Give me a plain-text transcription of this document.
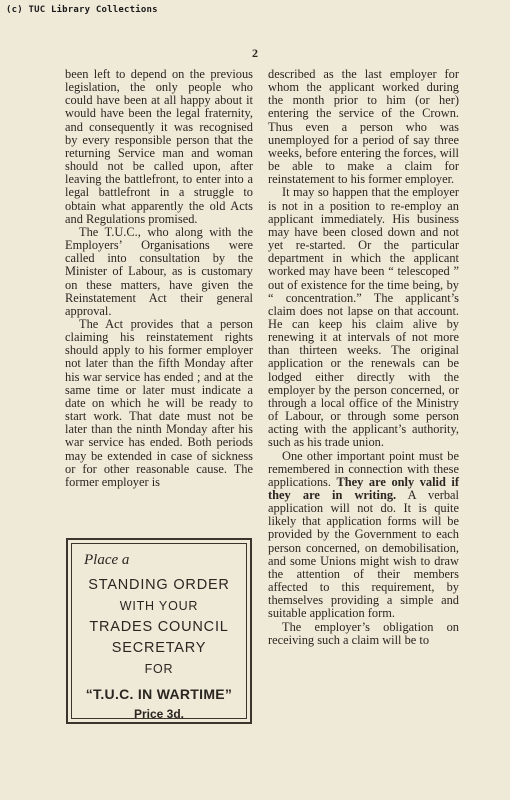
(c) TUC Library Collections
2

been left to depend on the previous legislation, the only people who could have been at all happy about it would have been the legal fraternity, and consequently it was recognised by every responsible person that the returning Service man and woman should not be called upon, after leaving the battlefront, to enter into a legal battlefront in a struggle to obtain what apparently the old Acts and Regulations promised.

The T.U.C., who along with the Employers’ Organisations were called into consultation by the Minister of Labour, as is customary on these matters, have given the Reinstatement Act their general approval.

The Act provides that a person claiming his reinstatement rights should apply to his former employer not later than the fifth Monday after his war service has ended ; and at the same time or later must indicate a date on which he will be ready to start work. That date must not be later than the ninth Monday after his war service has ended. Both periods may be extended in case of sickness or for other reasonable cause. The former employer is

Place a
STANDING ORDER
WITH YOUR
TRADES COUNCIL
SECRETARY
FOR
“T.U.C. IN WARTIME”
Price 3d.

described as the last employer for whom the applicant worked during the month prior to him (or her) entering the service of the Crown. Thus even a person who was unemployed for a period of say three weeks, before entering the forces, will be able to make a claim for reinstatement to his former employer.

It may so happen that the employer is not in a position to re-employ an applicant immediately. His business may have been closed down and not yet re-started. Or the particular department in which the applicant worked may have been “ telescoped ” out of existence for the time being, by “ concentration.” The applicant’s claim does not lapse on that account. He can keep his claim alive by renewing it at intervals of not more than thirteen weeks. The original application or the renewals can be lodged either directly with the employer by the person concerned, or through a local office of the Ministry of Labour, or through some person acting with the applicant’s authority, such as his trade union.

One other important point must be remembered in connection with these applications. They are only valid if they are in writing. A verbal application will not do. It is quite likely that application forms will be provided by the Government to each person concerned, on demobilisation, and some Unions might wish to draw the attention of their members affected to this requirement, by themselves providing a simple and suitable application form.

The employer’s obligation on receiving such a claim will be to
